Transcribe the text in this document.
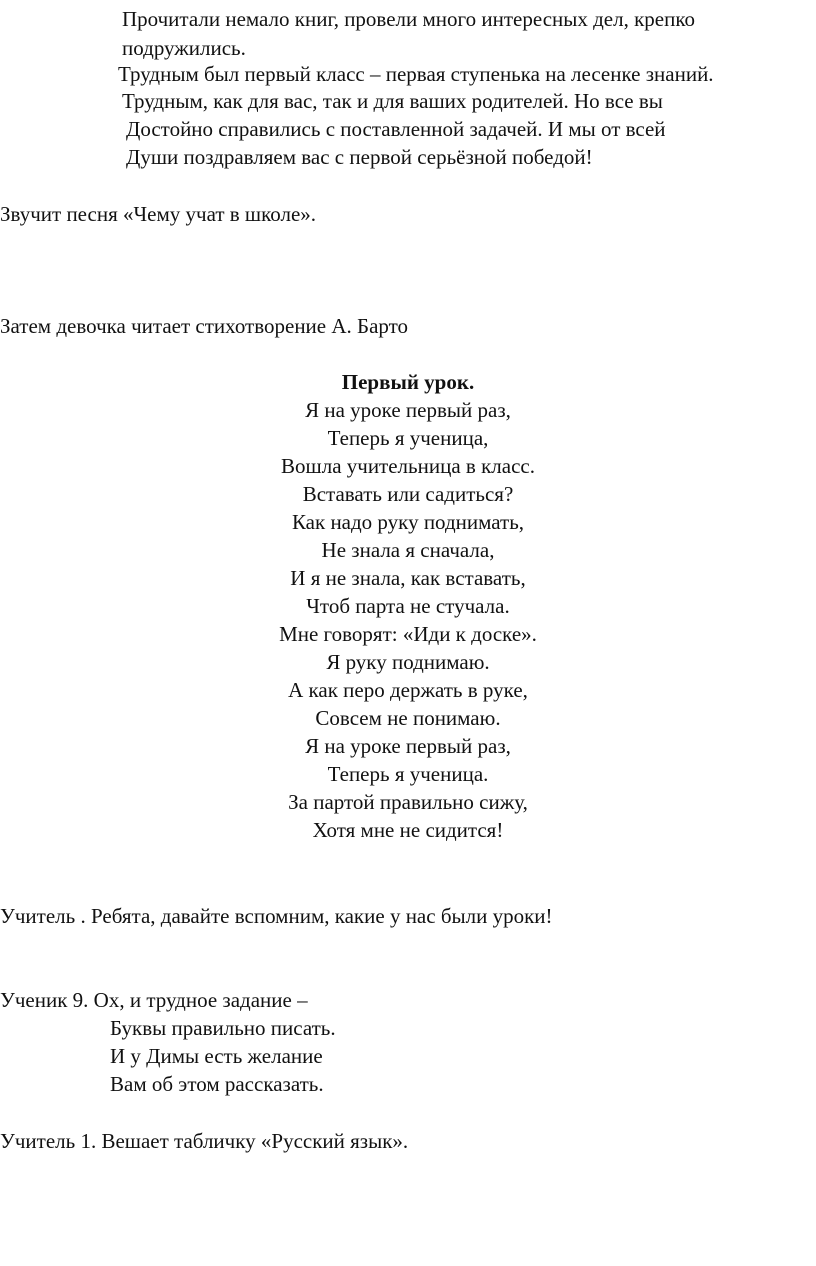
Прочитали немало книг, провели много интересных дел, крепко

подружились.

Трудным был первый класс – первая ступенька на лесенке знаний.

Трудным, как для вас, так и для ваших родителей. Но все вы

Достойно справились с поставленной задачей. И мы от всей

Души поздравляем вас с первой серьёзной победой!

Звучит песня «Чему учат в школе».

Затем девочка читает стихотворение А. Барто

Первый урок.

Я на уроке первый раз,

Теперь я ученица,

Вошла учительница в класс.

Вставать или садиться?

Как надо руку поднимать,

Не знала я сначала,

И я не знала, как вставать,

Чтоб парта не стучала.

Мне говорят: «Иди к доске».

Я руку поднимаю.

А как перо держать в руке,

Совсем не понимаю.

Я на уроке первый раз,

Теперь я ученица.

За партой правильно сижу,

Хотя мне не сидится!

Учитель . Ребята, давайте вспомним, какие у нас были уроки!

Ученик 9. Ох, и трудное задание –

Буквы правильно писать.

И у Димы есть желание

Вам об этом рассказать.

Учитель 1. Вешает табличку «Русский язык».
